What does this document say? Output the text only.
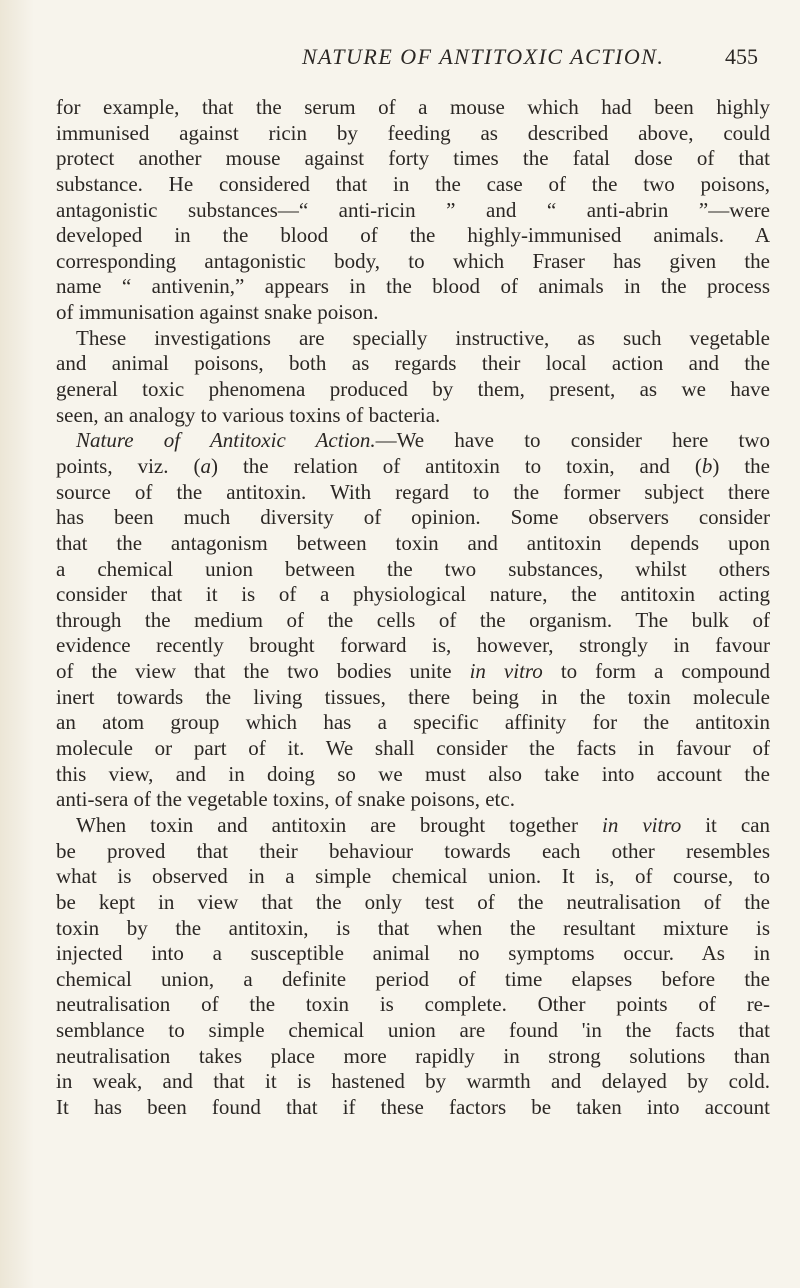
NATURE OF ANTITOXIC ACTION.	455
for example, that the serum of a mouse which had been highly
immunised against ricin by feeding as described above, could
protect another mouse against forty times the fatal dose of that
substance. He considered that in the case of the two poisons,
antagonistic substances—“ anti-ricin ” and “ anti-abrin ”—were
developed in the blood of the highly-immunised animals. A
corresponding antagonistic body, to which Fraser has given the
name “ antivenin,” appears in the blood of animals in the process
of immunisation against snake poison.
These investigations are specially instructive, as such vegetable
and animal poisons, both as regards their local action and the
general toxic phenomena produced by them, present, as we have
seen, an analogy to various toxins of bacteria.
Nature of Antitoxic Action.—We have to consider here two
points, viz. (a) the relation of antitoxin to toxin, and (b) the
source of the antitoxin. With regard to the former subject there
has been much diversity of opinion. Some observers consider
that the antagonism between toxin and antitoxin depends upon
a chemical union between the two substances, whilst others
consider that it is of a physiological nature, the antitoxin acting
through the medium of the cells of the organism. The bulk of
evidence recently brought forward is, however, strongly in favour
of the view that the two bodies unite in vitro to form a compound
inert towards the living tissues, there being in the toxin molecule
an atom group which has a specific affinity for the antitoxin
molecule or part of it. We shall consider the facts in favour of
this view, and in doing so we must also take into account the
anti-sera of the vegetable toxins, of snake poisons, etc.
When toxin and antitoxin are brought together in vitro it can
be proved that their behaviour towards each other resembles
what is observed in a simple chemical union. It is, of course, to
be kept in view that the only test of the neutralisation of the
toxin by the antitoxin, is that when the resultant mixture is
injected into a susceptible animal no symptoms occur. As in
chemical union, a definite period of time elapses before the
neutralisation of the toxin is complete. Other points of re-
semblance to simple chemical union are found 'in the facts that
neutralisation takes place more rapidly in strong solutions than
in weak, and that it is hastened by warmth and delayed by cold.
It has been found that if these factors be taken into account
